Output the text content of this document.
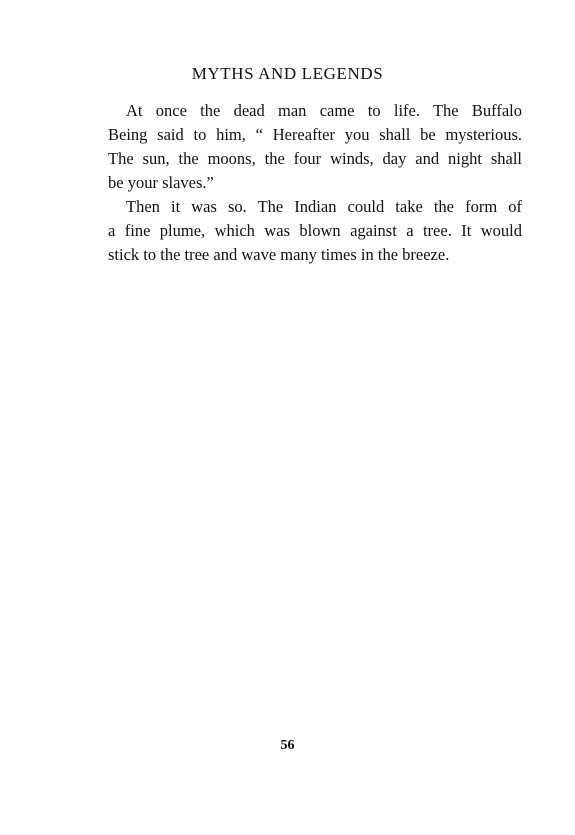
MYTHS AND LEGENDS
At once the dead man came to life. The Buffalo
Being said to him, “ Hereafter you shall be mysterious.
The sun, the moons, the four winds, day and night shall
be your slaves.”
Then it was so. The Indian could take the form of
a fine plume, which was blown against a tree. It would
stick to the tree and wave many times in the breeze.
56
